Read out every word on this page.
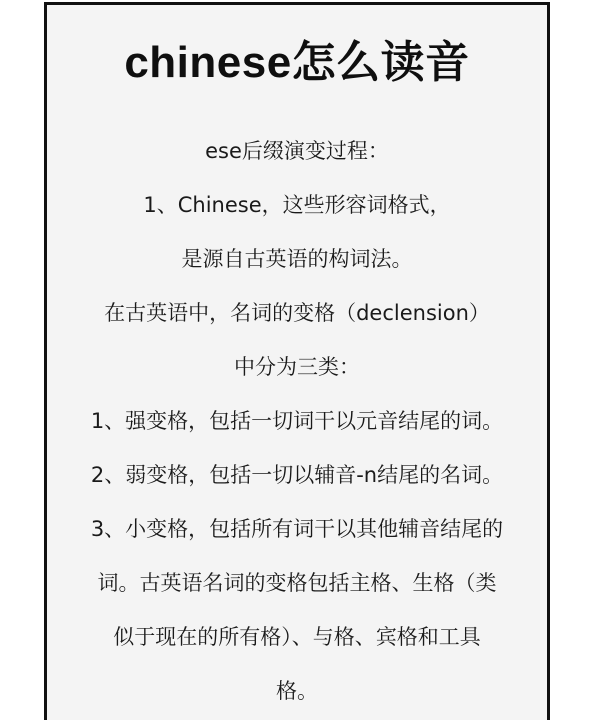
chinese怎么读音
ese后缀演变过程：
1、Chinese，这些形容词格式，
是源自古英语的构词法。
在古英语中，名词的变格（declension）
中分为三类：
1、强变格，包括一切词干以元音结尾的词。
2、弱变格，包括一切以辅音-n结尾的名词。
3、小变格，包括所有词干以其他辅音结尾的
词。古英语名词的变格包括主格、生格（类
似于现在的所有格）、与格、宾格和工具
格。
